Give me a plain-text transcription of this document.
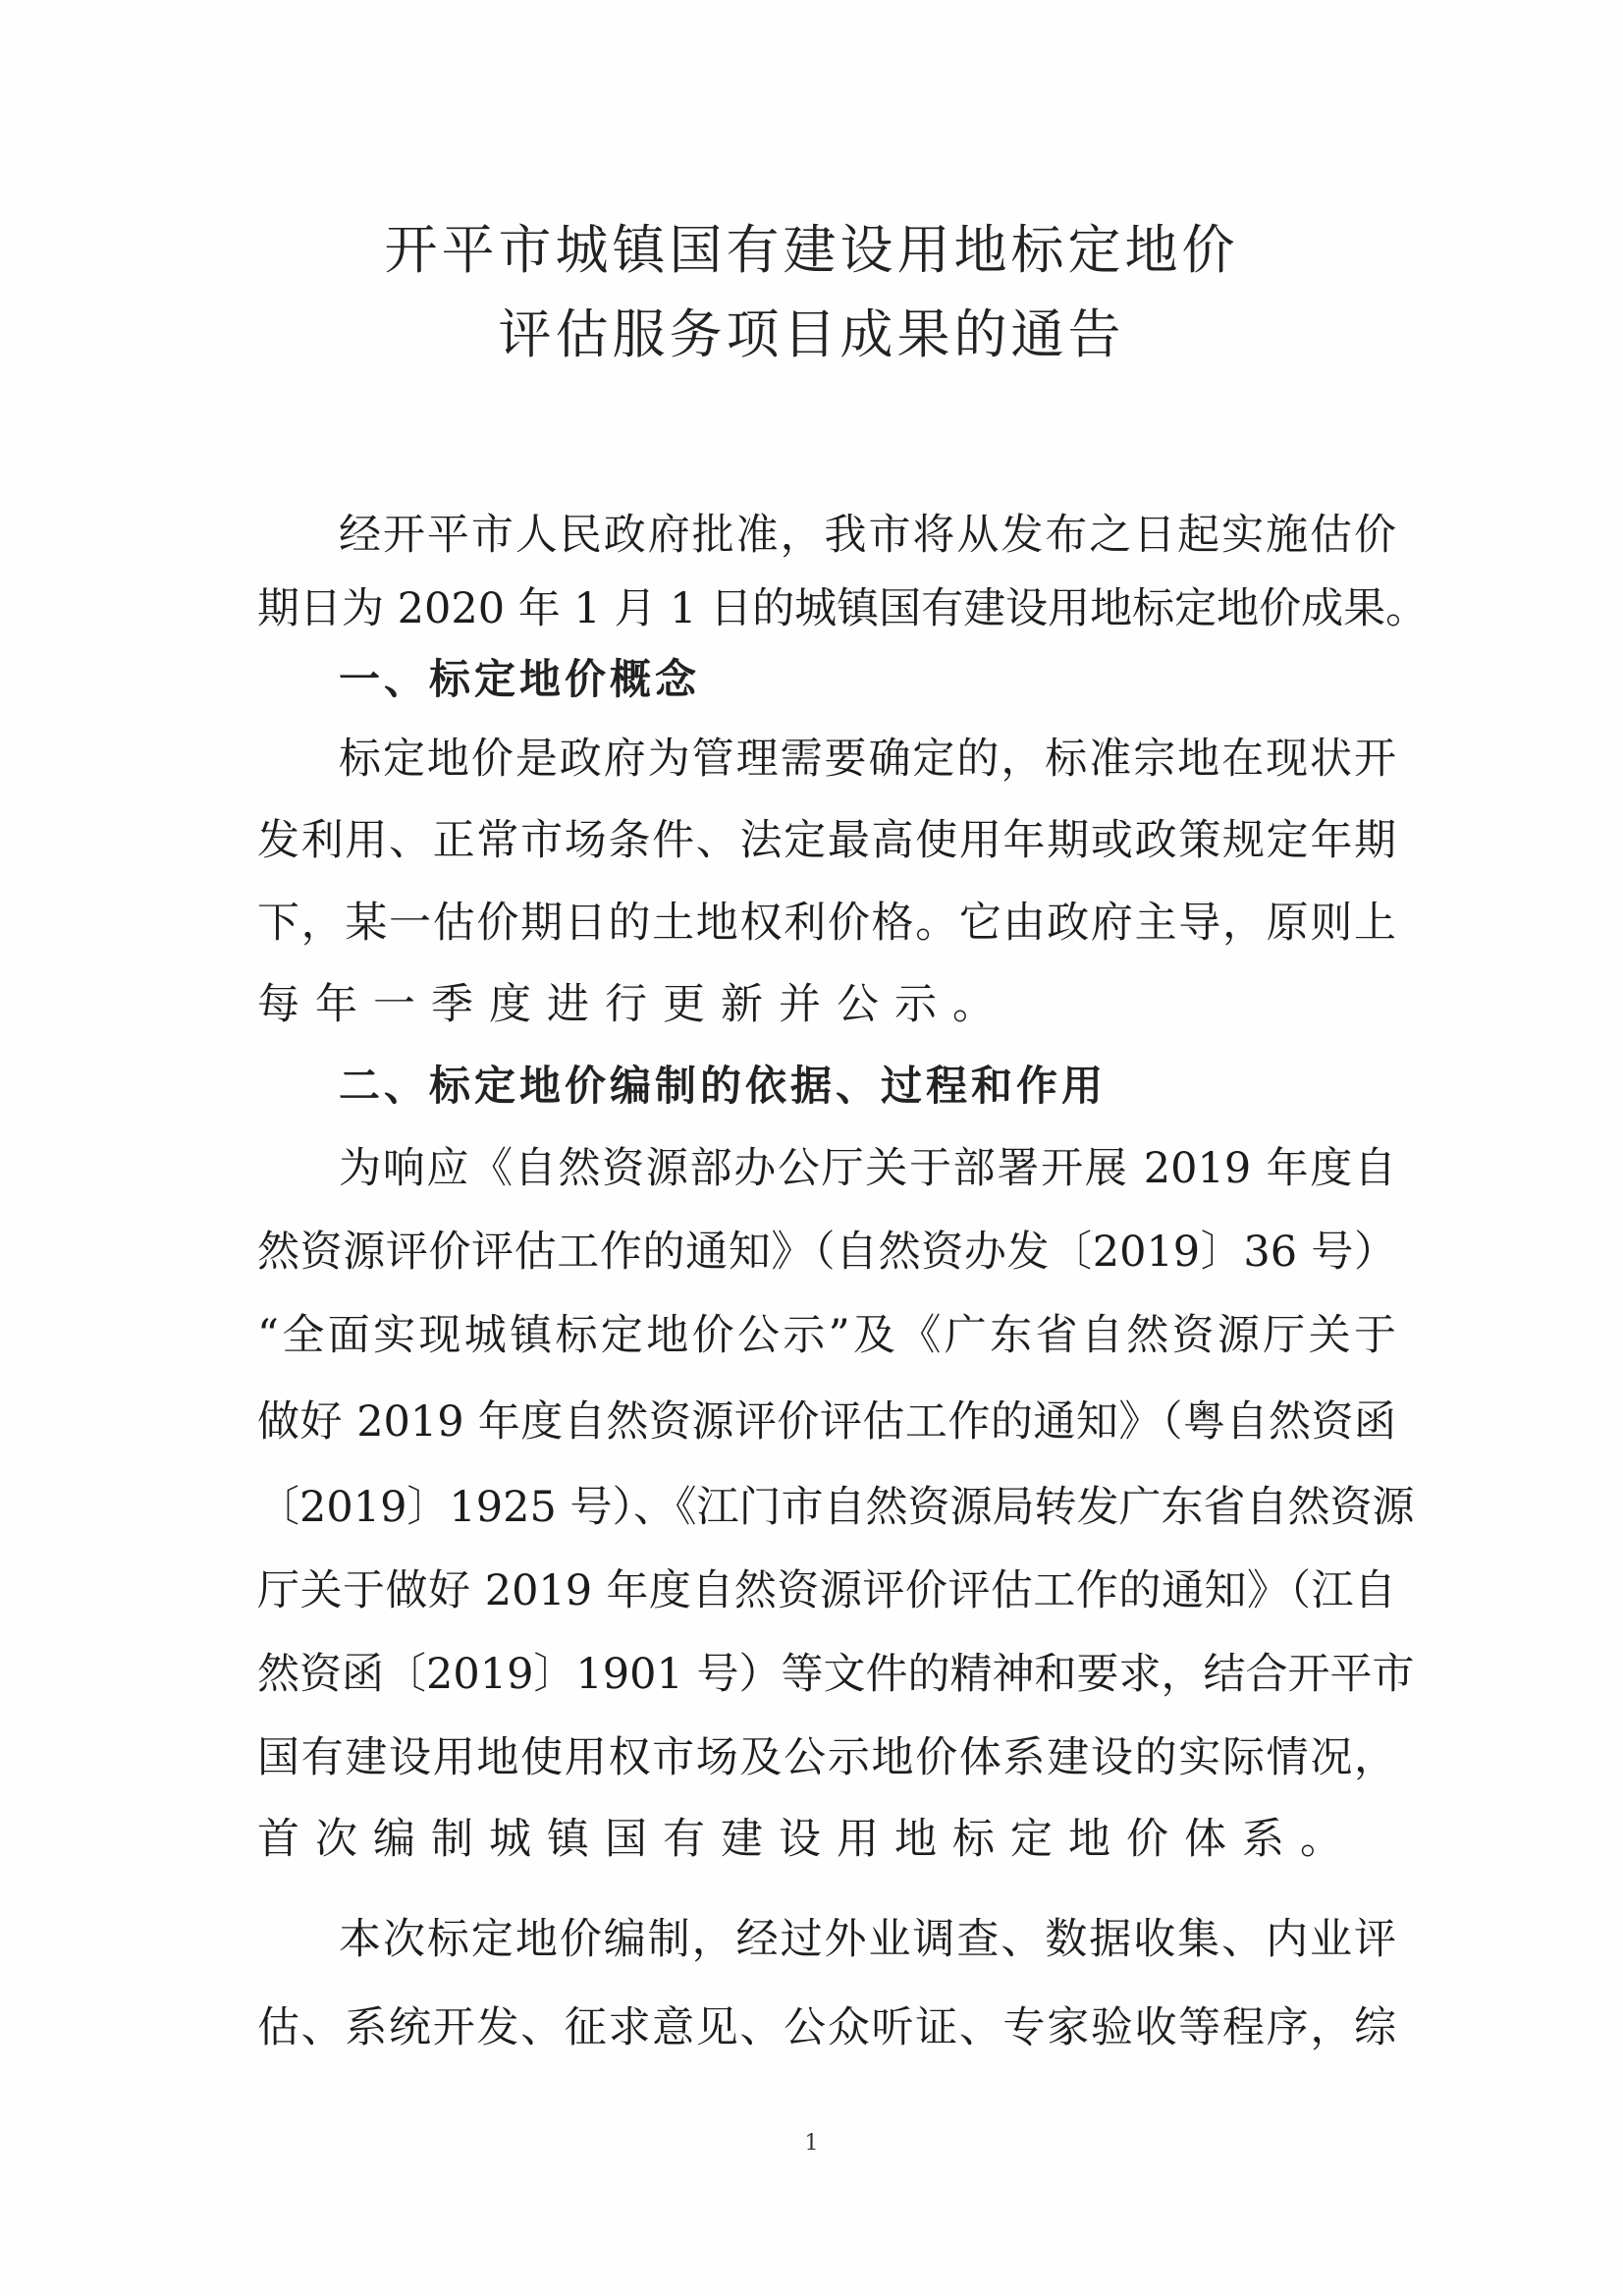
开平市城镇国有建设用地标定地价
评估服务项目成果的通告
经开平市人民政府批准，我市将从发布之日起实施估价
期日为 2020 年 1 月 1 日的城镇国有建设用地标定地价成果。
一、标定地价概念
标定地价是政府为管理需要确定的，标准宗地在现状开
发利用、正常市场条件、法定最高使用年期或政策规定年期
下，某一估价期日的土地权利价格。它由政府主导，原则上
每年一季度进行更新并公示。
二、标定地价编制的依据、过程和作用
为响应《自然资源部办公厅关于部署开展 2019 年度自
然资源评价评估工作的通知》（自然资办发〔2019〕36 号）
“全面实现城镇标定地价公示”及《广东省自然资源厅关于
做好 2019 年度自然资源评价评估工作的通知》（粤自然资函
〔2019〕1925 号）、《江门市自然资源局转发广东省自然资源
厅关于做好 2019 年度自然资源评价评估工作的通知》（江自
然资函〔2019〕1901 号）等文件的精神和要求，结合开平市
国有建设用地使用权市场及公示地价体系建设的实际情况，
首次编制城镇国有建设用地标定地价体系。
本次标定地价编制，经过外业调查、数据收集、内业评
估、系统开发、征求意见、公众听证、专家验收等程序，综
1
